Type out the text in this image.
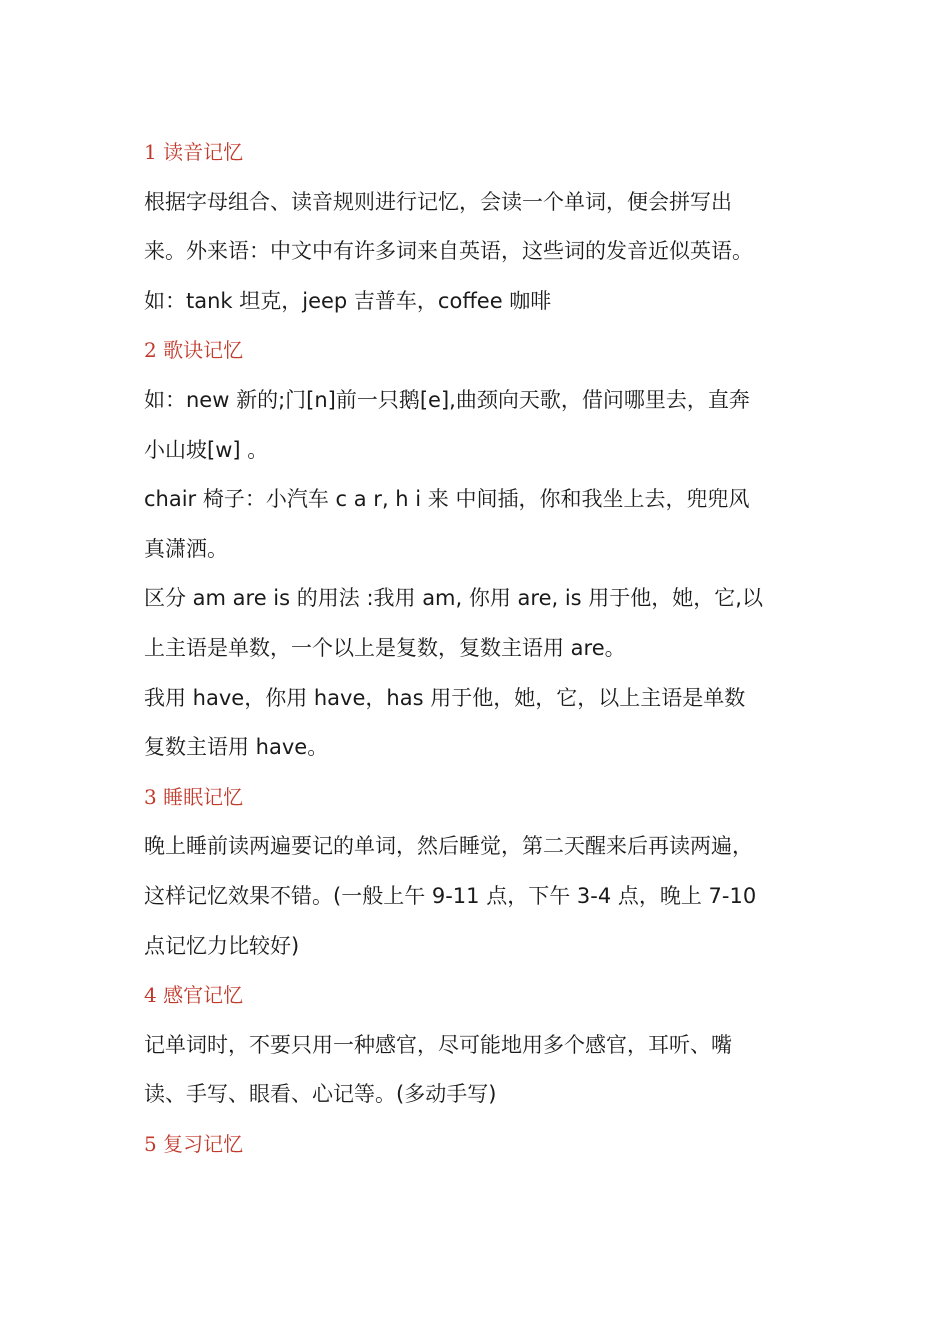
1 读音记忆
根据字母组合、读音规则进行记忆，会读一个单词，便会拼写出
来。外来语：中文中有许多词来自英语，这些词的发音近似英语。
如：tank 坦克，jeep 吉普车，coffee 咖啡
2 歌诀记忆
如：new 新的;门[n]前一只鹅[e],曲颈向天歌，借问哪里去，直奔
小山坡[w] 。
chair 椅子：小汽车 c a r, h i 来 中间插，你和我坐上去，兜兜风
真潇洒。
区分 am are is 的用法 :我用 am, 你用 are, is 用于他，她，它,以
上主语是单数，一个以上是复数，复数主语用 are。
我用 have，你用 have，has 用于他，她，它，以上主语是单数
复数主语用 have。
3 睡眠记忆
晚上睡前读两遍要记的单词，然后睡觉，第二天醒来后再读两遍，
这样记忆效果不错。(一般上午 9-11 点，下午 3-4 点，晚上 7-10
点记忆力比较好)
4 感官记忆
记单词时，不要只用一种感官，尽可能地用多个感官，耳听、嘴
读、手写、眼看、心记等。(多动手写)
5 复习记忆
